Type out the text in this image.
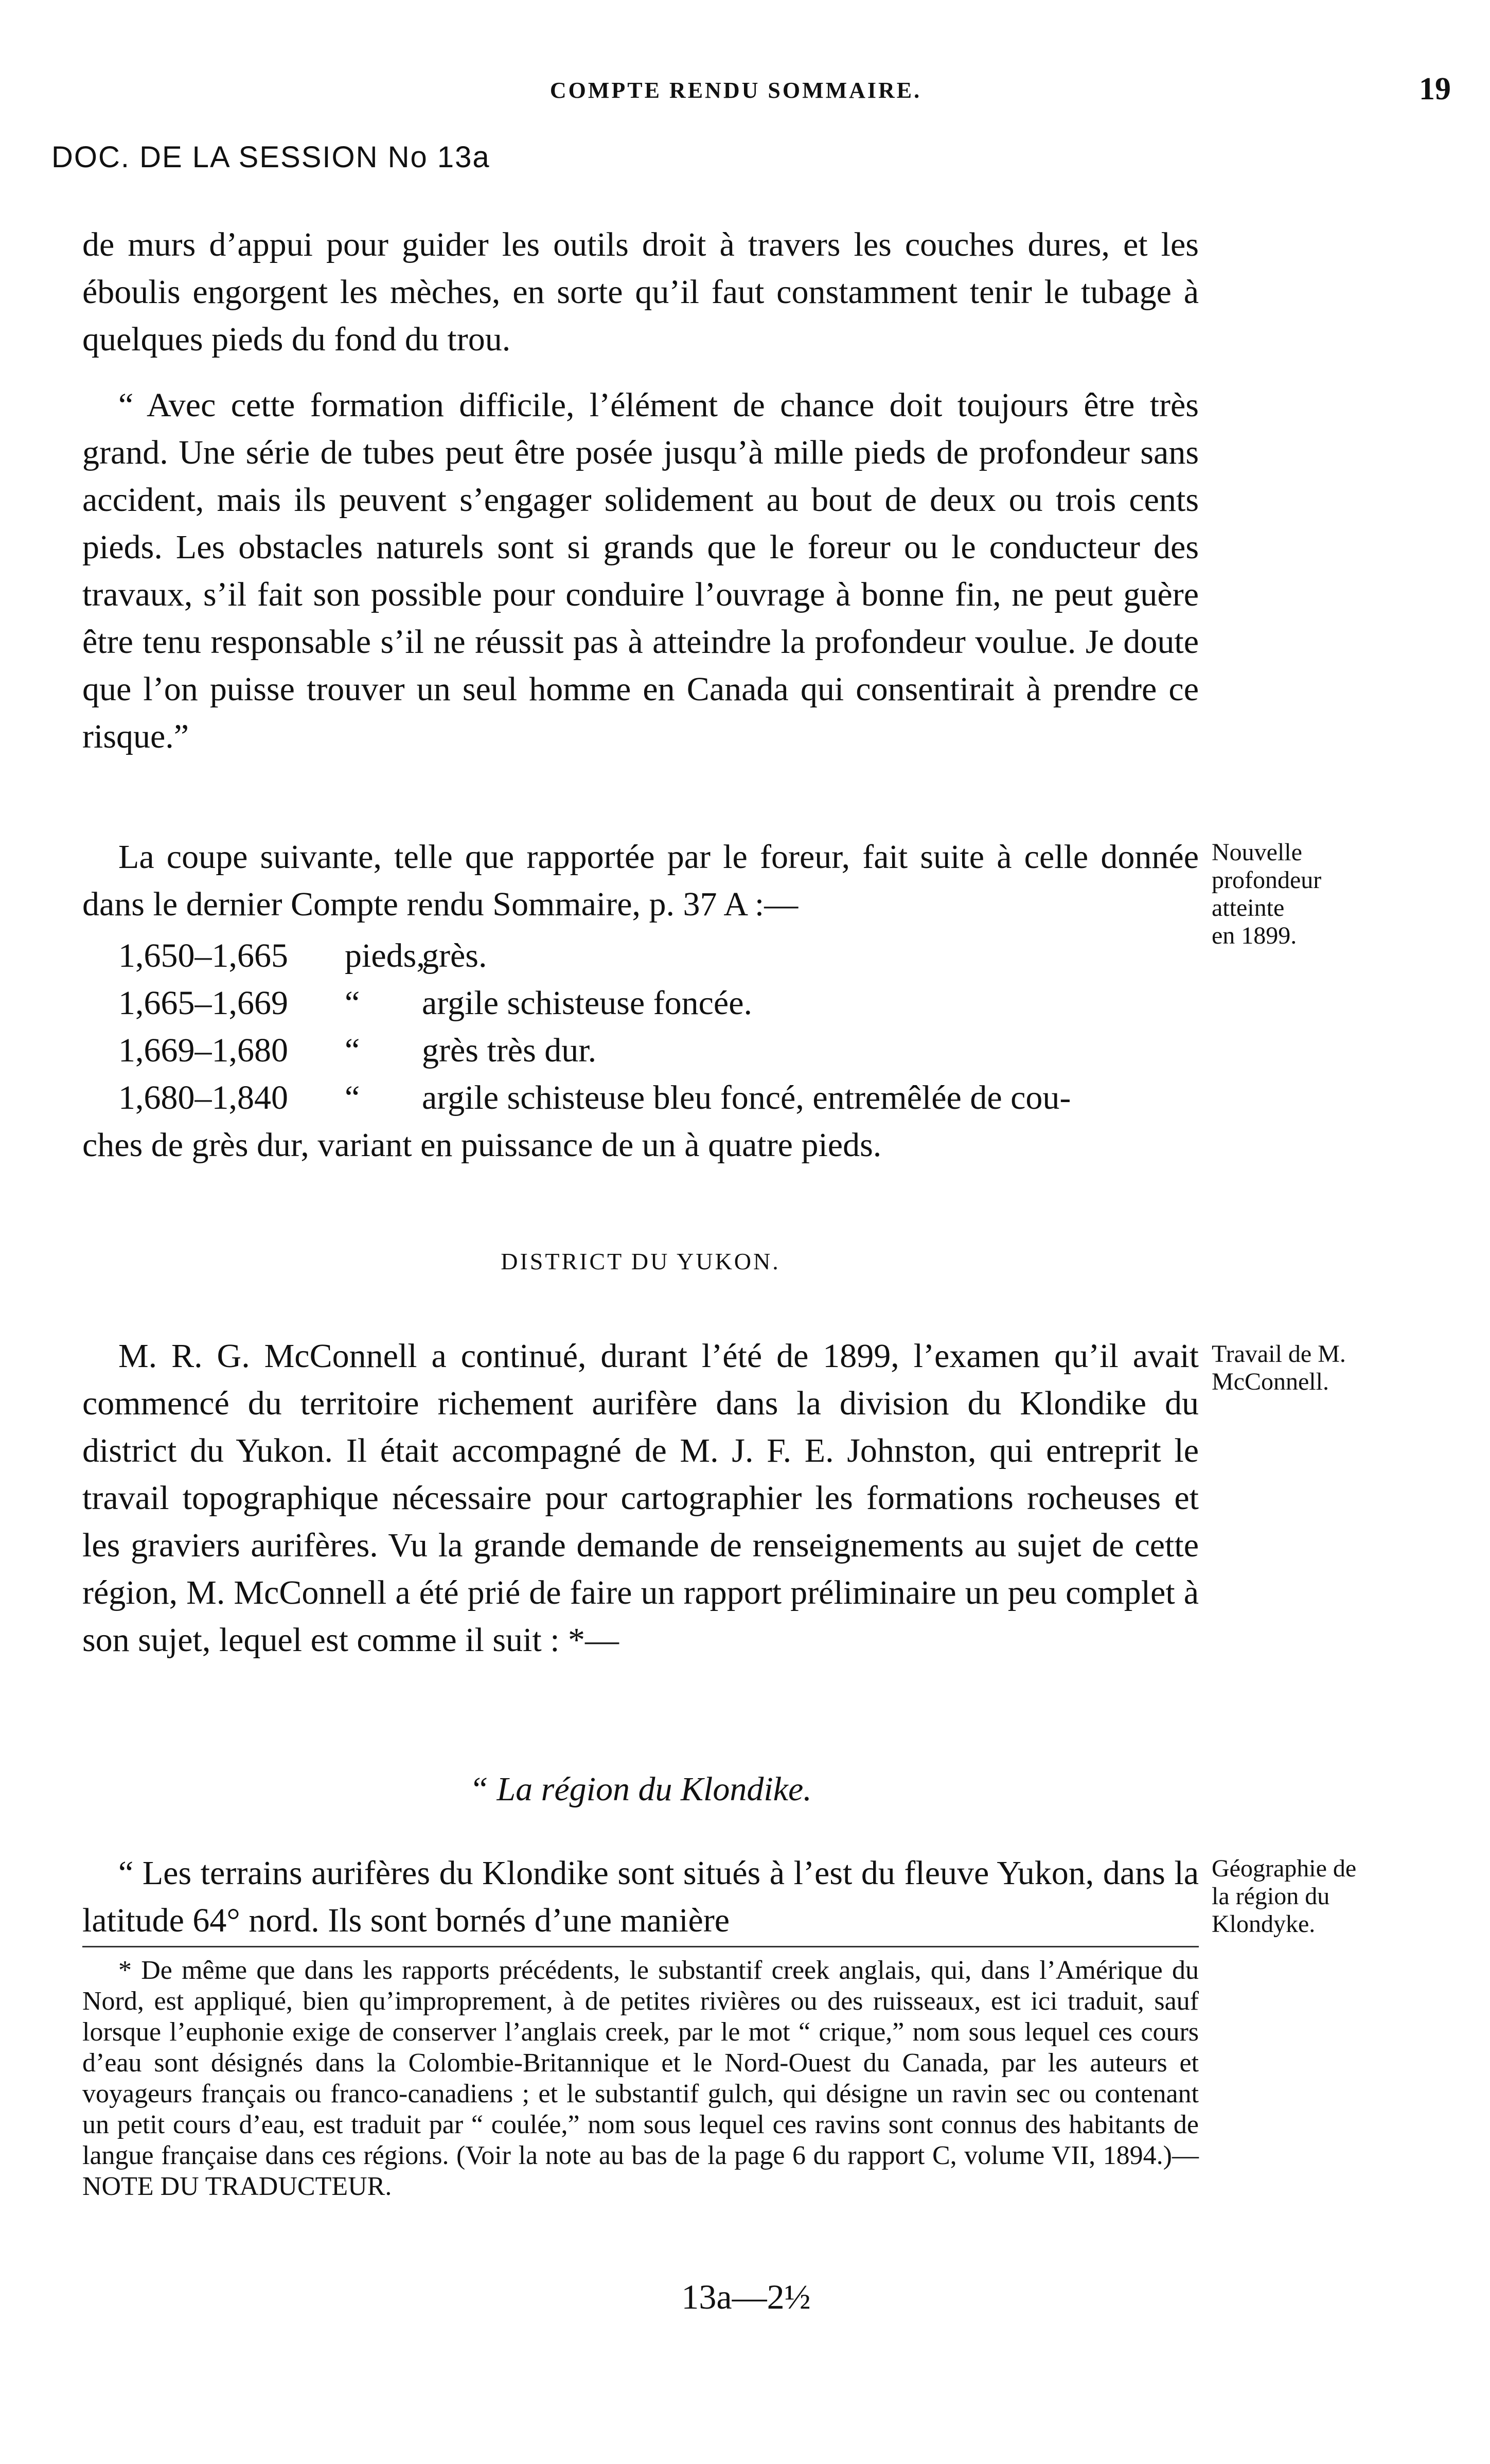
COMPTE RENDU SOMMAIRE.	19
DOC. DE LA SESSION No 13a

de murs d’appui pour guider les outils droit à travers les couches dures, et les éboulis engorgent les mèches, en sorte qu’il faut constamment tenir le tubage à quelques pieds du fond du trou.

“ Avec cette formation difficile, l’élément de chance doit toujours être très grand. Une série de tubes peut être posée jusqu’à mille pieds de profondeur sans accident, mais ils peuvent s’engager solidement au bout de deux ou trois cents pieds. Les obstacles naturels sont si grands que le foreur ou le conducteur des travaux, s’il fait son possible pour conduire l’ouvrage à bonne fin, ne peut guère être tenu responsable s’il ne réussit pas à atteindre la profondeur voulue. Je doute que l’on puisse trouver un seul homme en Canada qui consentirait à prendre ce risque.”

La coupe suivante, telle que rapportée par le foreur, fait suite à celle donnée dans le dernier Compte rendu Sommaire, p. 37 A :—

1,650–1,665 pieds,grès.
1,665–1,669 “ argile schisteuse foncée.
1,669–1,680 “ grès très dur.
1,680–1,840 “ argile schisteuse bleu foncé, entremêlée de cou-

ches de grès dur, variant en puissance de un à quatre pieds.

DISTRICT DU YUKON.

M. R. G. McConnell a continué, durant l’été de 1899, l’examen qu’il avait commencé du territoire richement aurifère dans la division du Klondike du district du Yukon. Il était accompagné de M. J. F. E. Johnston, qui entreprit le travail topographique nécessaire pour cartographier les formations rocheuses et les graviers aurifères. Vu la grande demande de renseignements au sujet de cette région, M. McConnell a été prié de faire un rapport préliminaire un peu complet à son sujet, lequel est comme il suit : *—

“ La région du Klondike.

“ Les terrains aurifères du Klondike sont situés à l’est du fleuve Yukon, dans la latitude 64° nord. Ils sont bornés d’une manière

Nouvelle
profondeur
atteinte
en 1899.
Travail de M.
McConnell.
Géographie de
la région du
Klondyke.

* De même que dans les rapports précédents, le substantif creek anglais, qui, dans l’Amérique du Nord, est appliqué, bien qu’improprement, à de petites rivières ou des ruisseaux, est ici traduit, sauf lorsque l’euphonie exige de conserver l’anglais creek, par le mot “ crique,” nom sous lequel ces cours d’eau sont désignés dans la Colombie-Britannique et le Nord-Ouest du Canada, par les auteurs et voyageurs français ou franco-canadiens ; et le substantif gulch, qui désigne un ravin sec ou contenant un petit cours d’eau, est traduit par “ coulée,” nom sous lequel ces ravins sont connus des habitants de langue française dans ces régions. (Voir la note au bas de la page 6 du rapport C, volume VII, 1894.)—NOTE DU TRADUCTEUR.

13a—2½
